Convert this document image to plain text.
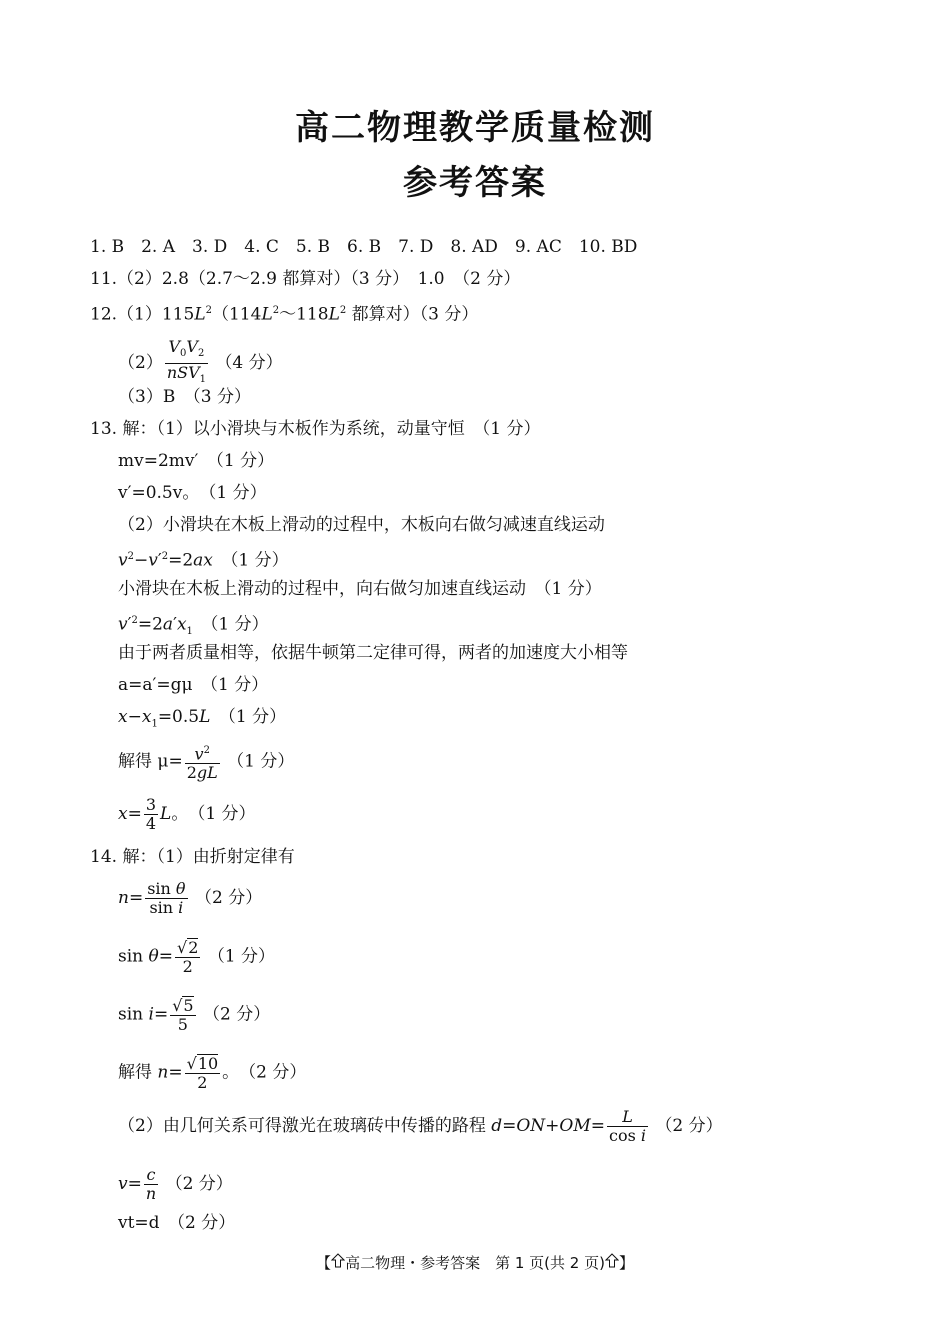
高二物理教学质量检测
参考答案
1. B　2. A　3. D　4. C　5. B　6. B　7. D　8. AD　9. AC　10. BD
11.（2）2.8（2.7～2.9 都算对）（3 分）　1.0　（2 分）
$12.(1)115L^2(114L^2\sim 118L^2$ 都算对）（3 分）
$(2) \frac{V_0V_2}{nSV_1} (4$ 分）
（3）B　（3 分）
13. 解：（1）以小滑块与木板作为系统，动量守恒　（1 分）
mv=2mv′　（1 分）
v′=0.5v。　（1 分）
（2）小滑块在木板上滑动的过程中，木板向右做匀减速直线运动
$v^2-v'^2=2ax$　 （1 分）
小滑块在木板上滑动的过程中，向右做匀加速直线运动　（1 分）
$v'^2=2a'x_1$　 （1 分）
由于两者质量相等，依据牛顿第二定律可得，两者的加速度大小相等
a=a′=gμ　（1 分）
$x-x_1=0.5L$　 （1 分）
解得 $\mu= \frac{v^2}{2gL} (1$ 分）
$x= \frac{3}{4}$ L。　（1 分）
14. 解：（1）由折射定律有
$n= \frac{\text{sin θ}}{\text{sin i}} (2$ 分）
$\sin \theta= \frac{√2}{2} (1$ 分）
$\sin i= \frac{√5}{5} (2$ 分）
解得 $n= \frac{√10}{2}$ 。　（2 分）
（2）由几何关系可得激光在玻璃砖中传播的路程 $d=ON+OM= \frac{L}{\text{cos i}} (2$ 分）
$v= \frac{c}{n} (2$ 分）
vt=d　（2 分）
【 高二物理・参考答案　第 1 页(共 2 页) 】
